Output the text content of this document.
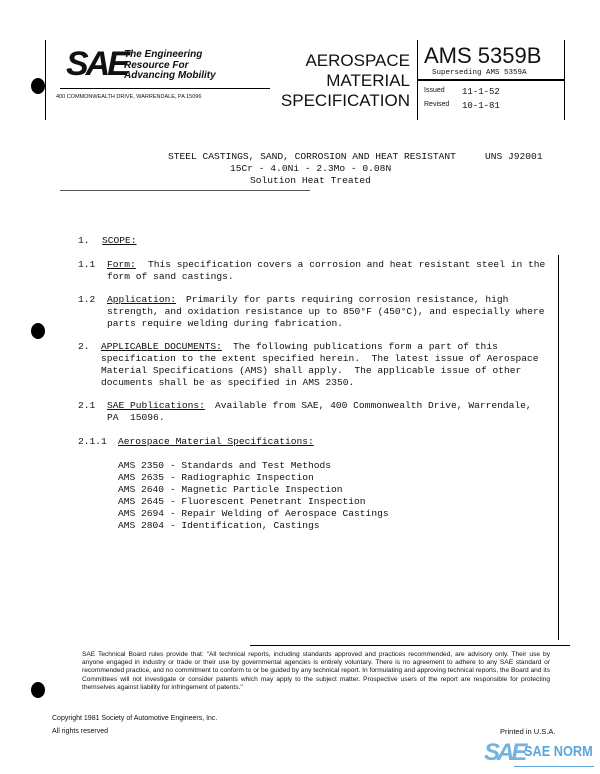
SAE
The Engineering
Resource For
Advancing Mobility
400 COMMONWEALTH DRIVE, WARRENDALE, PA 15096
AEROSPACE
MATERIAL
SPECIFICATION
AMS 5359B
Superseding AMS 5359A
Issued 11-1-52
Revised 10-1-81
STEEL CASTINGS, SAND, CORROSION AND HEAT RESISTANT	UNS J92001
15Cr - 4.0Ni - 2.3Mo - 0.08N
Solution Heat Treated
1. SCOPE:
1.1 Form: This specification covers a corrosion and heat resistant steel in the
form of sand castings.
1.2 Application: Primarily for parts requiring corrosion resistance, high
strength, and oxidation resistance up to 850°F (450°C), and especially where
parts require welding during fabrication.
2. APPLICABLE DOCUMENTS: The following publications form a part of this
specification to the extent specified herein.  The latest issue of Aerospace
Material Specifications (AMS) shall apply.  The applicable issue of other
documents shall be as specified in AMS 2350.
2.1 SAE Publications: Available from SAE, 400 Commonwealth Drive, Warrendale,
PA  15096.
2.1.1 Aerospace Material Specifications:
AMS 2350 - Standards and Test Methods
AMS 2635 - Radiographic Inspection
AMS 2640 - Magnetic Particle Inspection
AMS 2645 - Fluorescent Penetrant Inspection
AMS 2694 - Repair Welding of Aerospace Castings
AMS 2804 - Identification, Castings
SAE Technical Board rules provide that: "All technical reports, including standards approved and practices recommended, are advisory only. Their use by anyone engaged in industry or trade or their use by governmental agencies is entirely voluntary. There is no agreement to adhere to any SAE standard or recommended practice, and no commitment to conform to or be guided by any technical report. In formulating and approving technical reports, the Board and its Committees will not investigate or consider patents which may apply to the subject matter. Prospective users of the report are responsible for protecting themselves against liability for infringement of patents."
Copyright 1981 Society of Automotive Engineers, Inc.
All rights reserved	Printed in U.S.A.
SAE SAE NORM
